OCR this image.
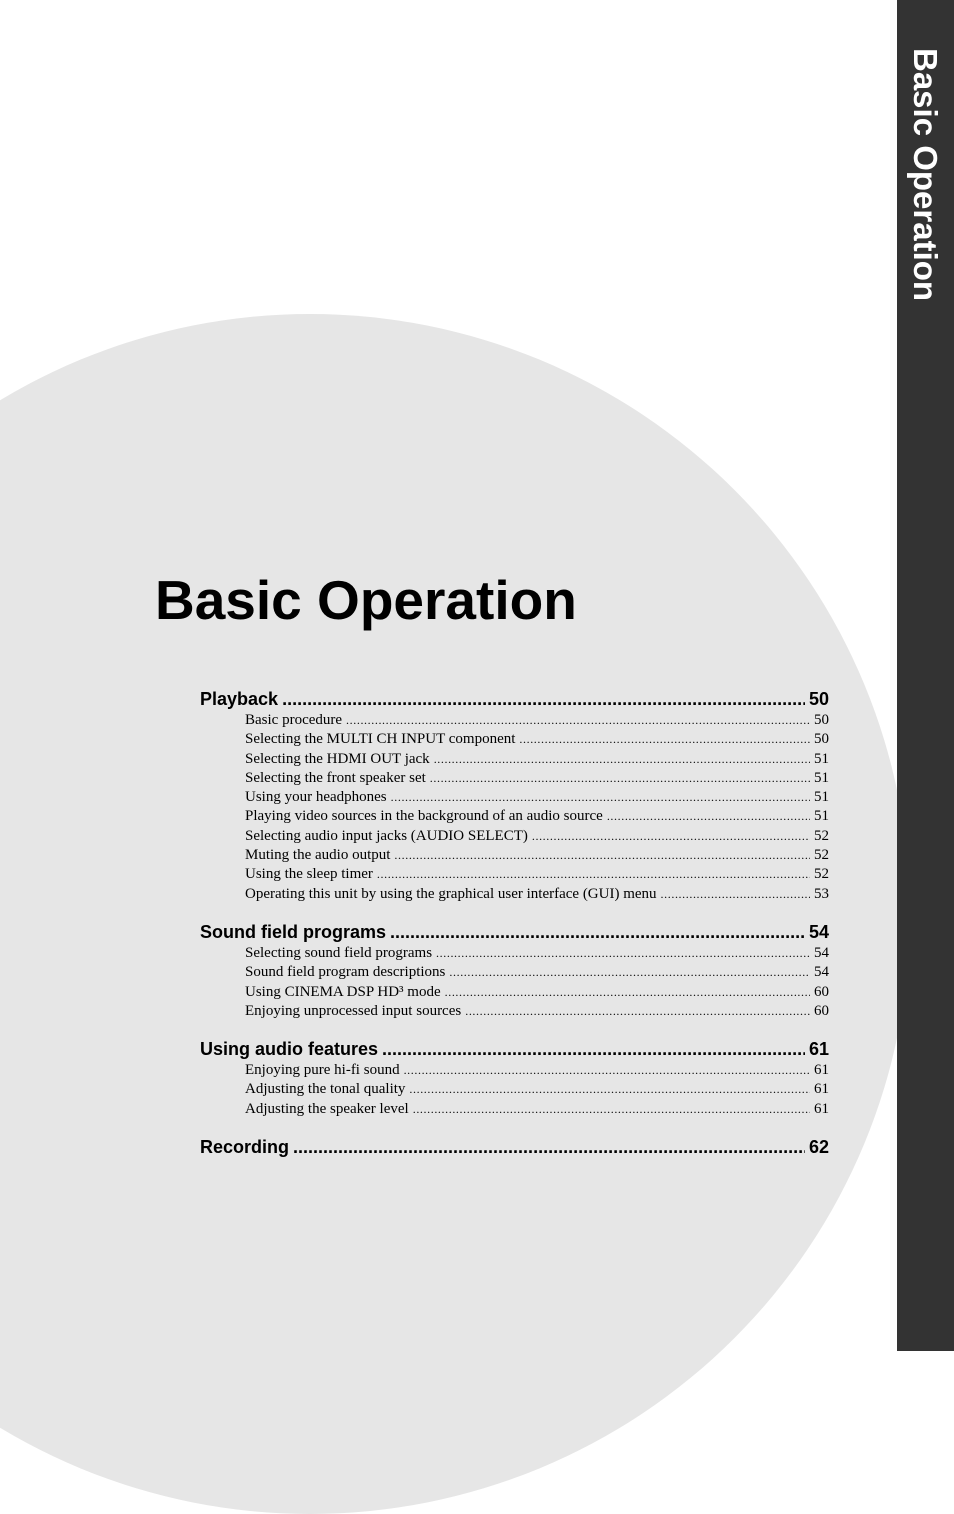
Basic Operation
Basic Operation
Playback .....	50
Basic procedure .....	50
Selecting the MULTI CH INPUT component .....	50
Selecting the HDMI OUT jack .....	51
Selecting the front speaker set .....	51
Using your headphones .....	51
Playing video sources in the background of an audio source .....	51
Selecting audio input jacks (AUDIO SELECT) .....	52
Muting the audio output .....	52
Using the sleep timer .....	52
Operating this unit by using the graphical user interface (GUI) menu .....	53
Sound field programs .....	54
Selecting sound field programs .....	54
Sound field program descriptions .....	54
Using CINEMA DSP HD³ mode .....	60
Enjoying unprocessed input sources .....	60
Using audio features .....	61
Enjoying pure hi-fi sound .....	61
Adjusting the tonal quality .....	61
Adjusting the speaker level .....	61
Recording .....	62
